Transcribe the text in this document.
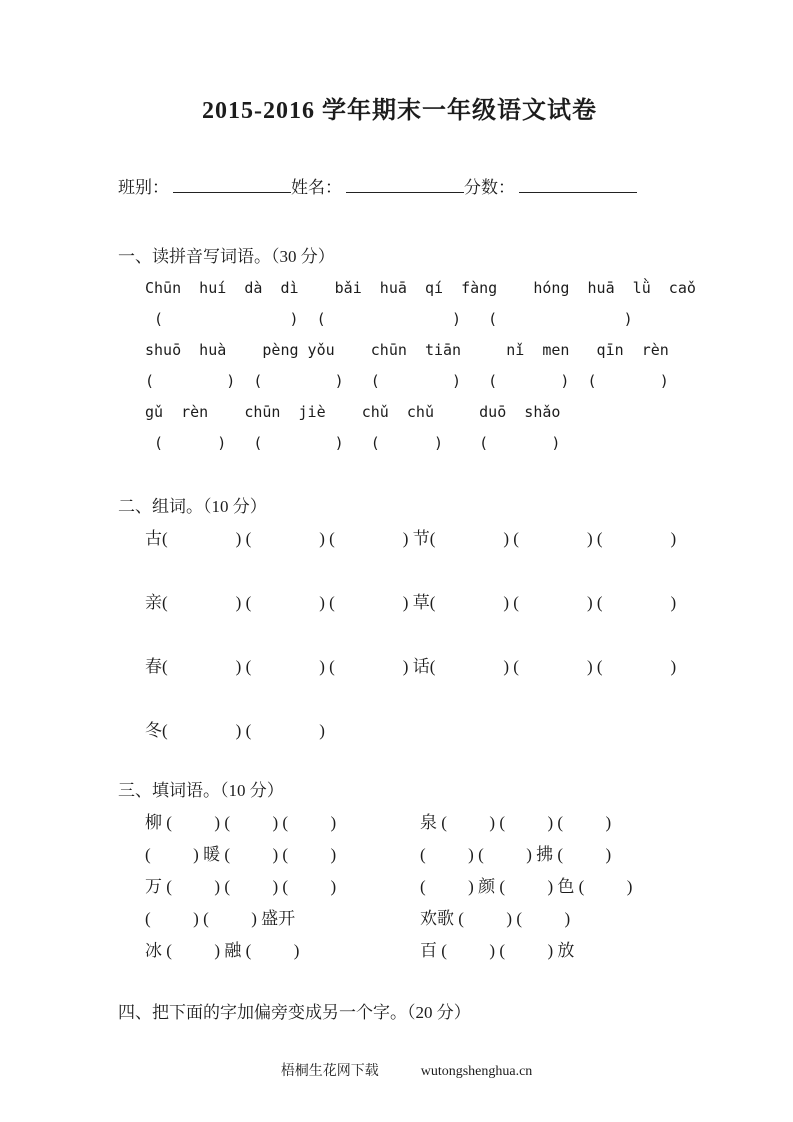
2015-2016 学年期末一年级语文试卷
班别：	姓名：	分数：
一、读拼音写词语。（30 分）
Chūn  huí  dà  dì    bǎi  huā  qí  fàng    hóng  huā  lǜ  caǒ
(              )  (              )   (              )
shuō  huà    pèng yǒu    chūn  tiān     nǐ  men   qīn  rèn
(        )  (        )   (        )   (       )  (       )
gǔ  rèn    chūn  jiè    chǔ  chǔ     duō  shǎo
(      )   (        )   (      )    (       )
二、组词。（10 分）
古(                ) (                ) (                ) 节(                ) (                ) (                )
亲(                ) (                ) (                ) 草(                ) (                ) (                )
春(                ) (                ) (                ) 话(                ) (                ) (                )
冬(                ) (                )
三、填词语。（10 分）
柳 (          ) (          ) (          )	泉 (          ) (          ) (          )
(          ) 暖 (          ) (          )	(          ) (          ) 拂 (          )
万 (          ) (          ) (          )	(          ) 颜 (          ) 色 (          )
(          ) (          ) 盛开	欢歌 (          ) (          )
冰 (          ) 融 (          )	百 (          ) (          ) 放
四、把下面的字加偏旁变成另一个字。（20 分）

梧桐生花网下载	wutongshenghua.cn
